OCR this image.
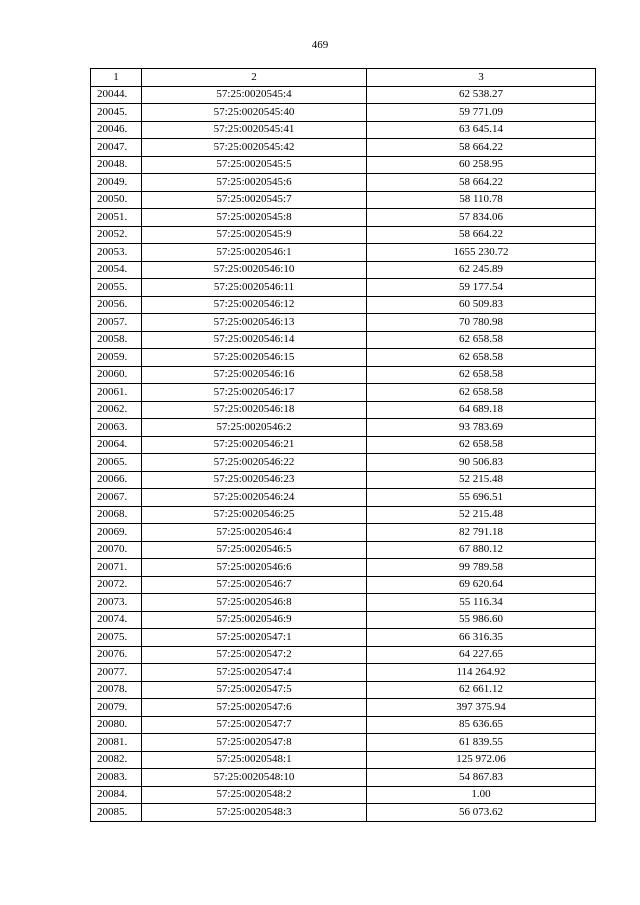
469
1	2	3
20044.	57:25:0020545:4	62 538.27
20045.	57:25:0020545:40	59 771.09
20046.	57:25:0020545:41	63 645.14
20047.	57:25:0020545:42	58 664.22
20048.	57:25:0020545:5	60 258.95
20049.	57:25:0020545:6	58 664.22
20050.	57:25:0020545:7	58 110.78
20051.	57:25:0020545:8	57 834.06
20052.	57:25:0020545:9	58 664.22
20053.	57:25:0020546:1	1655 230.72
20054.	57:25:0020546:10	62 245.89
20055.	57:25:0020546:11	59 177.54
20056.	57:25:0020546:12	60 509.83
20057.	57:25:0020546:13	70 780.98
20058.	57:25:0020546:14	62 658.58
20059.	57:25:0020546:15	62 658.58
20060.	57:25:0020546:16	62 658.58
20061.	57:25:0020546:17	62 658.58
20062.	57:25:0020546:18	64 689.18
20063.	57:25:0020546:2	93 783.69
20064.	57:25:0020546:21	62 658.58
20065.	57:25:0020546:22	90 506.83
20066.	57:25:0020546:23	52 215.48
20067.	57:25:0020546:24	55 696.51
20068.	57:25:0020546:25	52 215.48
20069.	57:25:0020546:4	82 791.18
20070.	57:25:0020546:5	67 880.12
20071.	57:25:0020546:6	99 789.58
20072.	57:25:0020546:7	69 620.64
20073.	57:25:0020546:8	55 116.34
20074.	57:25:0020546:9	55 986.60
20075.	57:25:0020547:1	66 316.35
20076.	57:25:0020547:2	64 227.65
20077.	57:25:0020547:4	114 264.92
20078.	57:25:0020547:5	62 661.12
20079.	57:25:0020547:6	397 375.94
20080.	57:25:0020547:7	85 636.65
20081.	57:25:0020547:8	61 839.55
20082.	57:25:0020548:1	125 972.06
20083.	57:25:0020548:10	54 867.83
20084.	57:25:0020548:2	1.00
20085.	57:25:0020548:3	56 073.62
